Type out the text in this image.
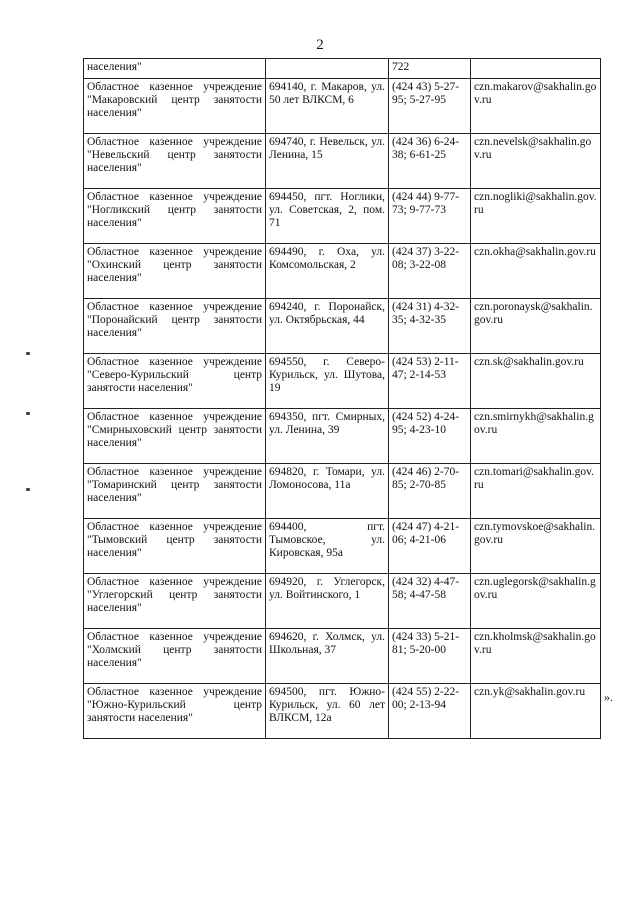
2
населения"		722	

Областное казенное учреждение "Макаровский центр занятости населения"	694140, г. Макаров, ул. 50 лет ВЛКСМ, 6	(424 43) 5-27-95; 5-27-95	czn.makarov@sakhalin.gov.ru

Областное казенное учреждение "Невельский центр занятости населения"	694740, г. Невельск, ул. Ленина, 15	(424 36) 6-24-38; 6-61-25	czn.nevelsk@sakhalin.gov.ru

Областное казенное учреждение "Ногликский центр занятости населения"	694450, пгт. Ноглики, ул. Советская, 2, пом. 71	(424 44) 9-77-73; 9-77-73	czn.nogliki@sakhalin.gov.ru

Областное казенное учреждение "Охинский центр занятости населения"	694490, г. Оха, ул. Комсомольская, 2	(424 37) 3-22-08; 3-22-08	czn.okha@sakhalin.gov.ru

Областное казенное учреждение "Поронайский центр занятости населения"	694240, г. Поронайск, ул. Октябрьская, 44	(424 31) 4-32-35; 4-32-35	czn.poronaysk@sakhalin.gov.ru

Областное казенное учреждение "Северо-Курильский центр занятости населения"	694550, г. Северо-Курильск, ул. Шутова, 19	(424 53) 2-11-47; 2-14-53	czn.sk@sakhalin.gov.ru

Областное казенное учреждение "Смирныховский центр занятости населения"	694350, пгт. Смирных, ул. Ленина, 39	(424 52) 4-24-95; 4-23-10	czn.smirnykh@sakhalin.gov.ru

Областное казенное учреждение "Томаринский центр занятости населения"	694820, г. Томари, ул. Ломоносова, 11а	(424 46) 2-70-85; 2-70-85	czn.tomari@sakhalin.gov.ru

Областное казенное учреждение "Тымовский центр занятости населения"	694400, пгт. Тымовское, ул. Кировская, 95а	(424 47) 4-21-06; 4-21-06	czn.tymovskoe@sakhalin.gov.ru

Областное казенное учреждение "Углегорский центр занятости населения"	694920, г. Углегорск, ул. Войтинского, 1	(424 32) 4-47-58; 4-47-58	czn.uglegorsk@sakhalin.gov.ru

Областное казенное учреждение "Холмский центр занятости населения"	694620, г. Холмск, ул. Школьная, 37	(424 33) 5-21-81; 5-20-00	czn.kholmsk@sakhalin.gov.ru

Областное казенное учреждение "Южно-Курильский центр занятости населения"	694500, пгт. Южно-Курильск, ул. 60 лет ВЛКСМ, 12а	(424 55) 2-22-00; 2-13-94	czn.yk@sakhalin.gov.ru	».
